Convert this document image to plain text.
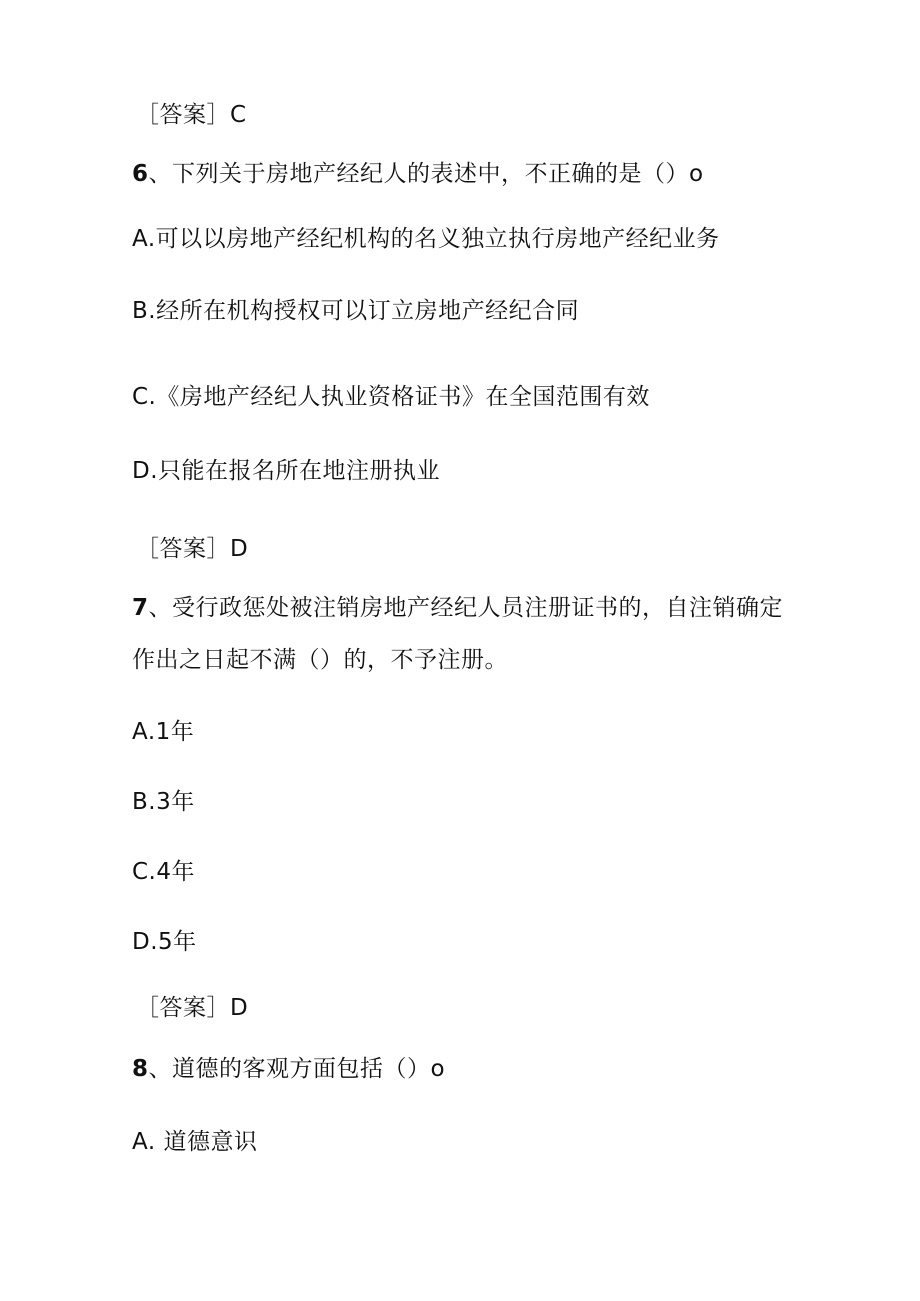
［答案］C
6、下列关于房地产经纪人的表述中，不正确的是（）o
A.可以以房地产经纪机构的名义独立执行房地产经纪业务
B.经所在机构授权可以订立房地产经纪合同
C.《房地产经纪人执业资格证书》在全国范围有效
D.只能在报名所在地注册执业
［答案］D
7、受行政惩处被注销房地产经纪人员注册证书的，自注销确定
作出之日起不满（）的，不予注册。
A.1年
B.3年
C.4年
D.5年
［答案］D
8、道德的客观方面包括（）o
A. 道德意识
